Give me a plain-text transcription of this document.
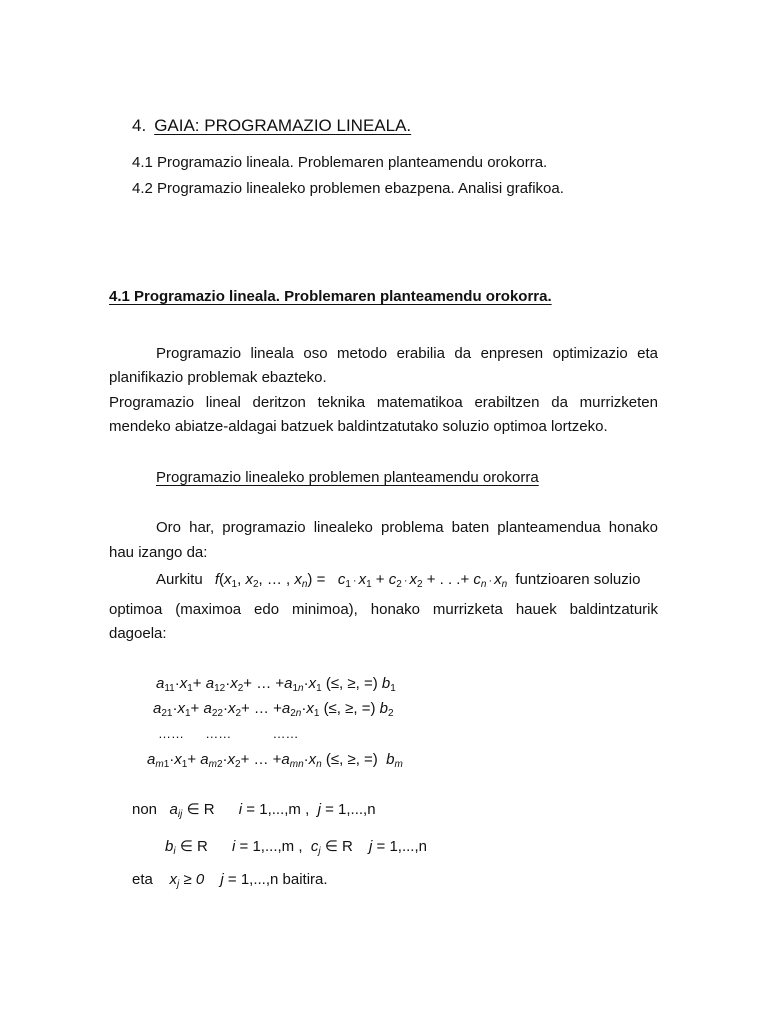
4. GAIA: PROGRAMAZIO LINEALA.
4.1 Programazio lineala. Problemaren planteamendu orokorra.
4.2 Programazio linealeko problemen ebazpena. Analisi grafikoa.
4.1 Programazio lineala. Problemaren planteamendu orokorra.
Programazio lineala oso metodo erabilia da enpresen optimizazio eta
planifikazio problemak ebazteko.
Programazio lineal deritzon teknika matematikoa erabiltzen da murrizketen
mendeko abiatze-aldagai batzuek baldintzatutako soluzio optimoa lortzeko.
Programazio linealeko problemen planteamendu orokorra
Oro har, programazio linealeko problema baten planteamendua honako
hau izango da:
Aurkitu $f(x_1$, $x_2$, … , $x_n) = c_1 \cdot x_1 + c_2 \cdot x_2$ + . . .+ $c_n \cdot x_n$ funtzioaren soluzio
optimoa (maximoa edo minimoa), honako murrizketa hauek baldintzaturik
dagoela:
$a_{11}\cdot x_1+ a_{12}\cdot x_2+$ … $+a_{1n}\cdot x_1$ (≤, ≥, =) $b_1$
$a_{21}\cdot x_1+ a_{22}\cdot x_2+$ … $+a_{2n}\cdot x_1$ (≤, ≥, =) $b_2$
…… ……	……
$a_{m1}\cdot x_1+ a_{m2}\cdot x_2+$ … $+a_{mn}\cdot x_n$ (≤, ≥, =) $b_m$
non $a_{ij}$ ∈ R i = 1,...,m ,  j = 1,...,n
$b_i$ ∈ R i = 1,...,m ,  $c_j$ ∈ R j = 1,...,n
eta $x_j \ge 0$ j = 1,...,n baitira.
